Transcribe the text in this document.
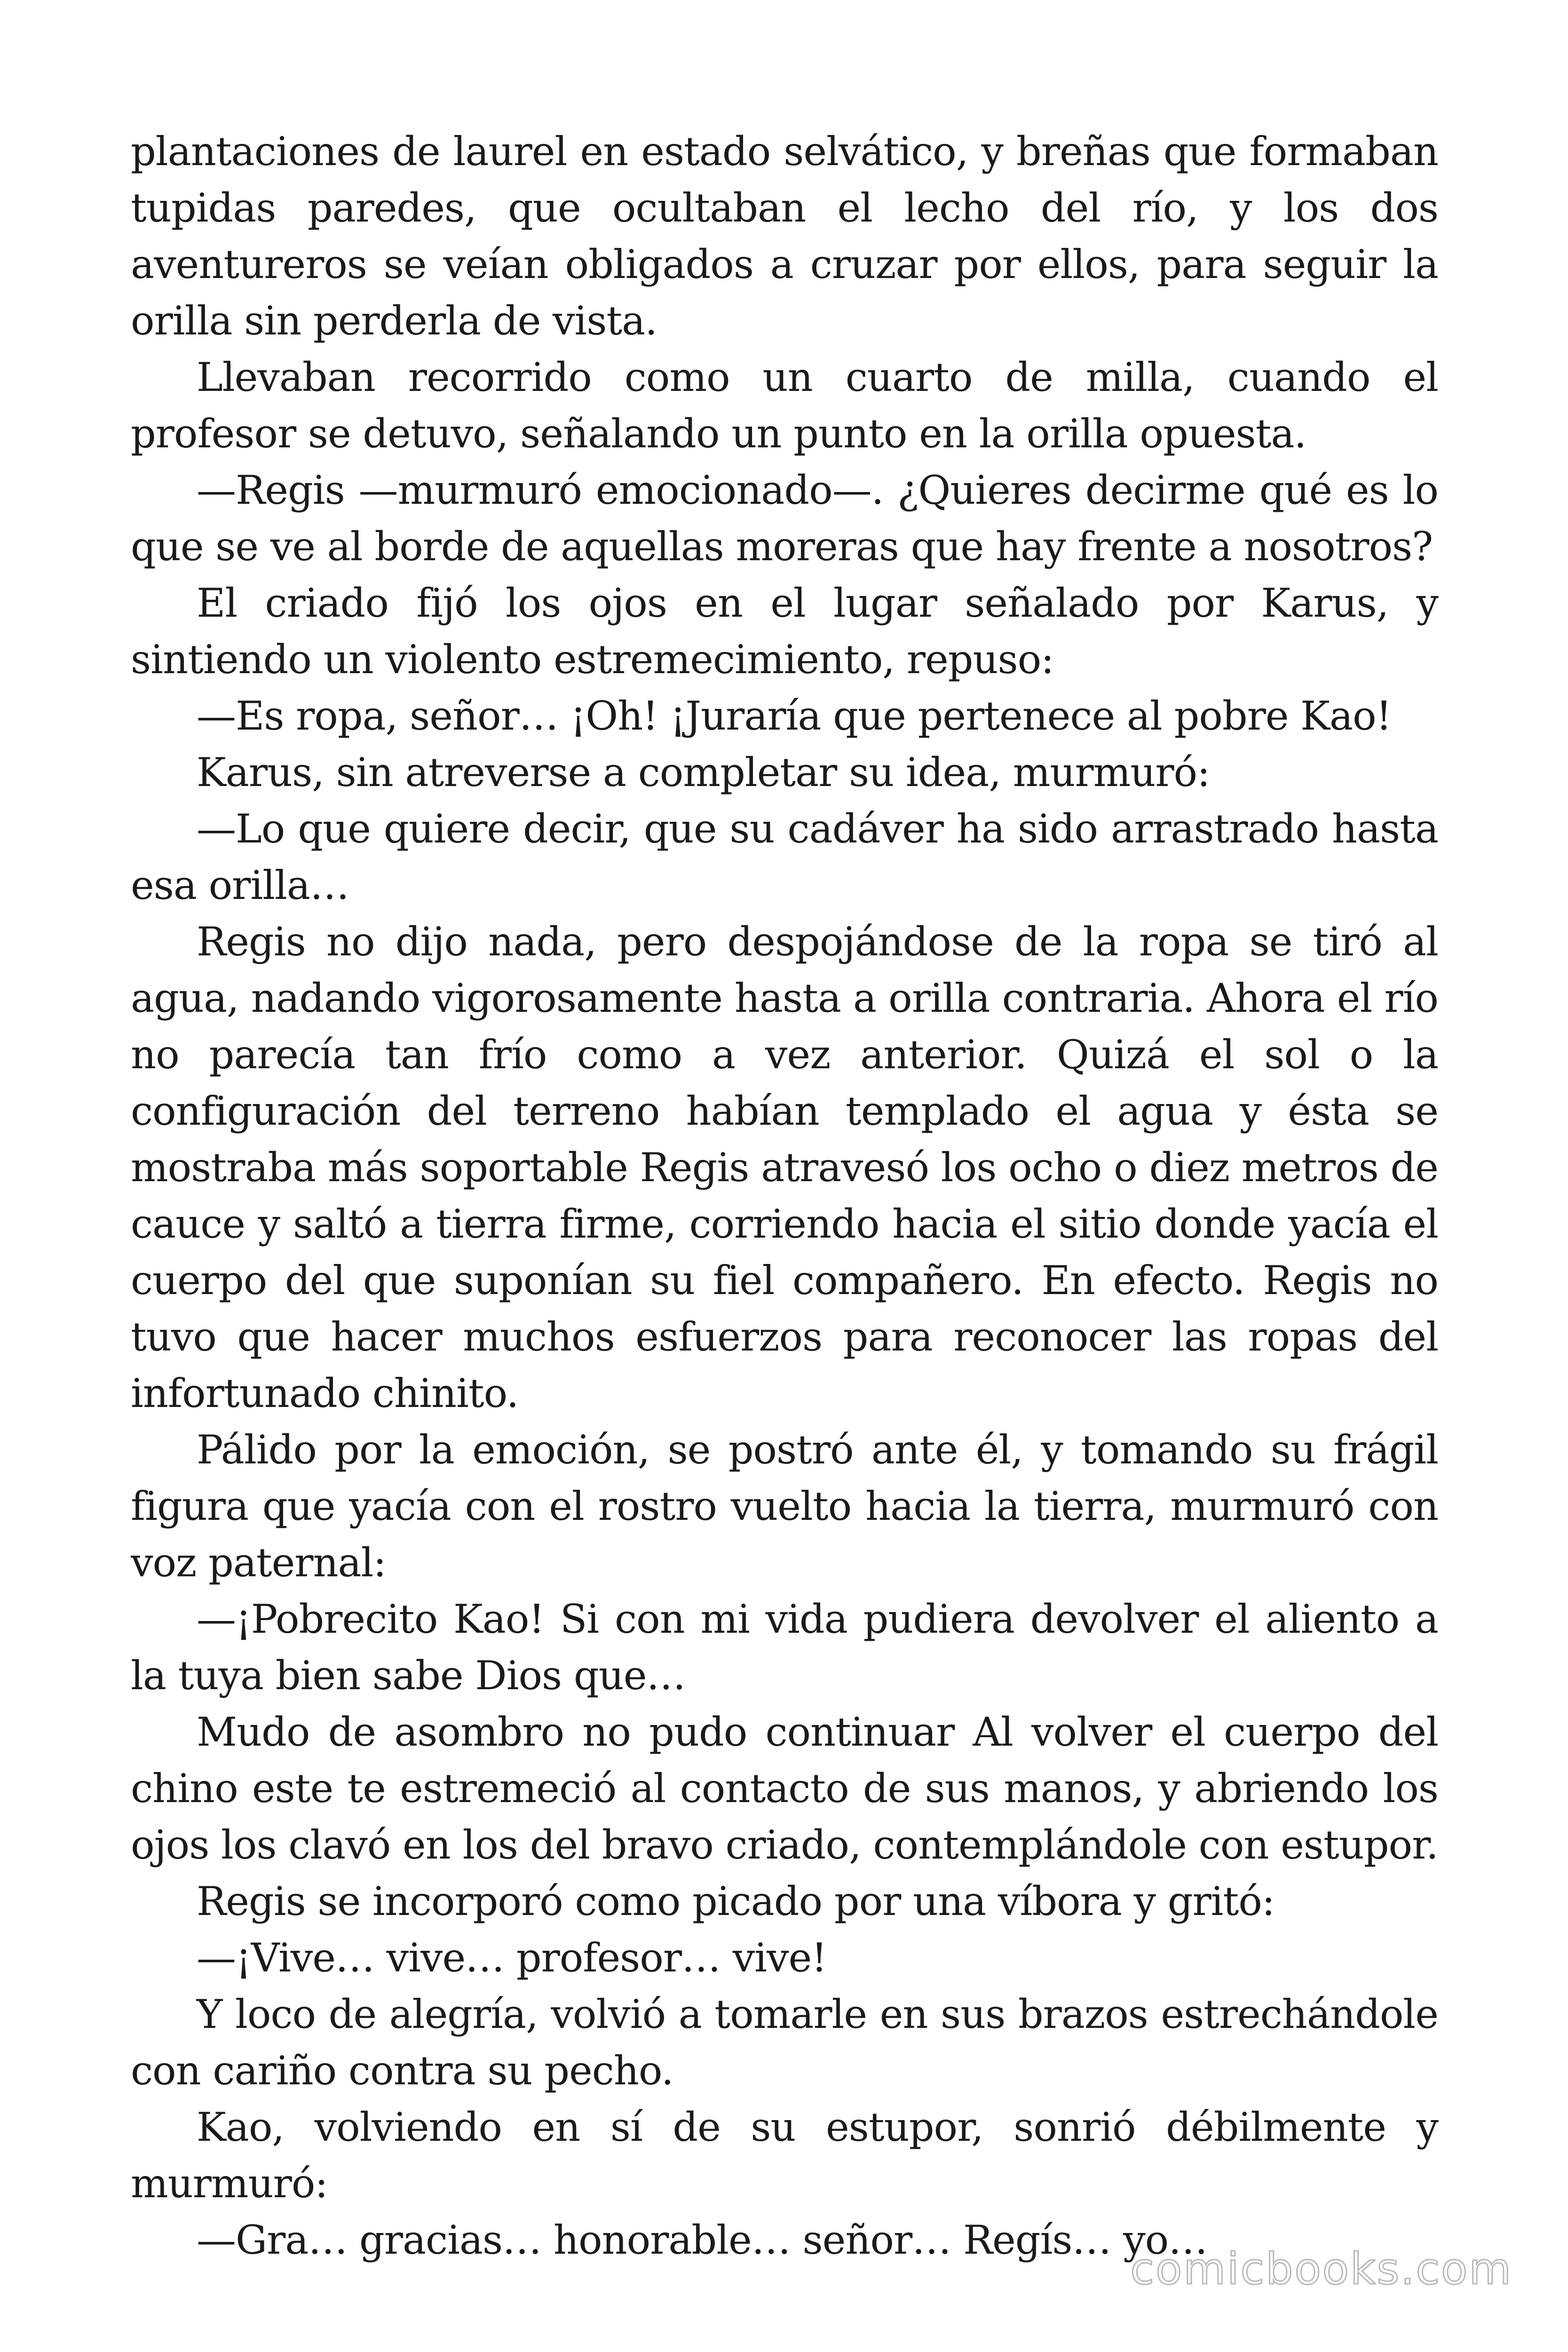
plantaciones de laurel en estado selvático, y breñas que formaban tupidas paredes, que ocultaban el lecho del río, y los dos aventureros se veían obligados a cruzar por ellos, para seguir la orilla sin perderla de vista.

Llevaban recorrido como un cuarto de milla, cuando el profesor se detuvo, señalando un punto en la orilla opuesta.

—Regis —murmuró emocionado—. ¿Quieres decirme qué es lo que se ve al borde de aquellas moreras que hay frente a nosotros?

El criado fijó los ojos en el lugar señalado por Karus, y sintiendo un violento estremecimiento, repuso:

—Es ropa, señor… ¡Oh! ¡Juraría que pertenece al pobre Kao!

Karus, sin atreverse a completar su idea, murmuró:

—Lo que quiere decir, que su cadáver ha sido arrastrado hasta esa orilla…

Regis no dijo nada, pero despojándose de la ropa se tiró al agua, nadando vigorosamente hasta a orilla contraria. Ahora el río no parecía tan frío como a vez anterior. Quizá el sol o la configuración del terreno habían templado el agua y ésta se mostraba más soportable Regis atravesó los ocho o diez metros de cauce y saltó a tierra firme, corriendo hacia el sitio donde yacía el cuerpo del que suponían su fiel compañero. En efecto. Regis no tuvo que hacer muchos esfuerzos para reconocer las ropas del infortunado chinito.

Pálido por la emoción, se postró ante él, y tomando su frágil figura que yacía con el rostro vuelto hacia la tierra, murmuró con voz paternal:

—¡Pobrecito Kao! Si con mi vida pudiera devolver el aliento a la tuya bien sabe Dios que…

Mudo de asombro no pudo continuar Al volver el cuerpo del chino este te estremeció al contacto de sus manos, y abriendo los ojos los clavó en los del bravo criado, contemplándole con estupor.

Regis se incorporó como picado por una víbora y gritó:

—¡Vive… vive… profesor… vive!

Y loco de alegría, volvió a tomarle en sus brazos estrechándole con cariño contra su pecho.

Kao, volviendo en sí de su estupor, sonrió débilmente y murmuró:

—Gra… gracias… honorable… señor… Regís… yo…

comicbooks.com
